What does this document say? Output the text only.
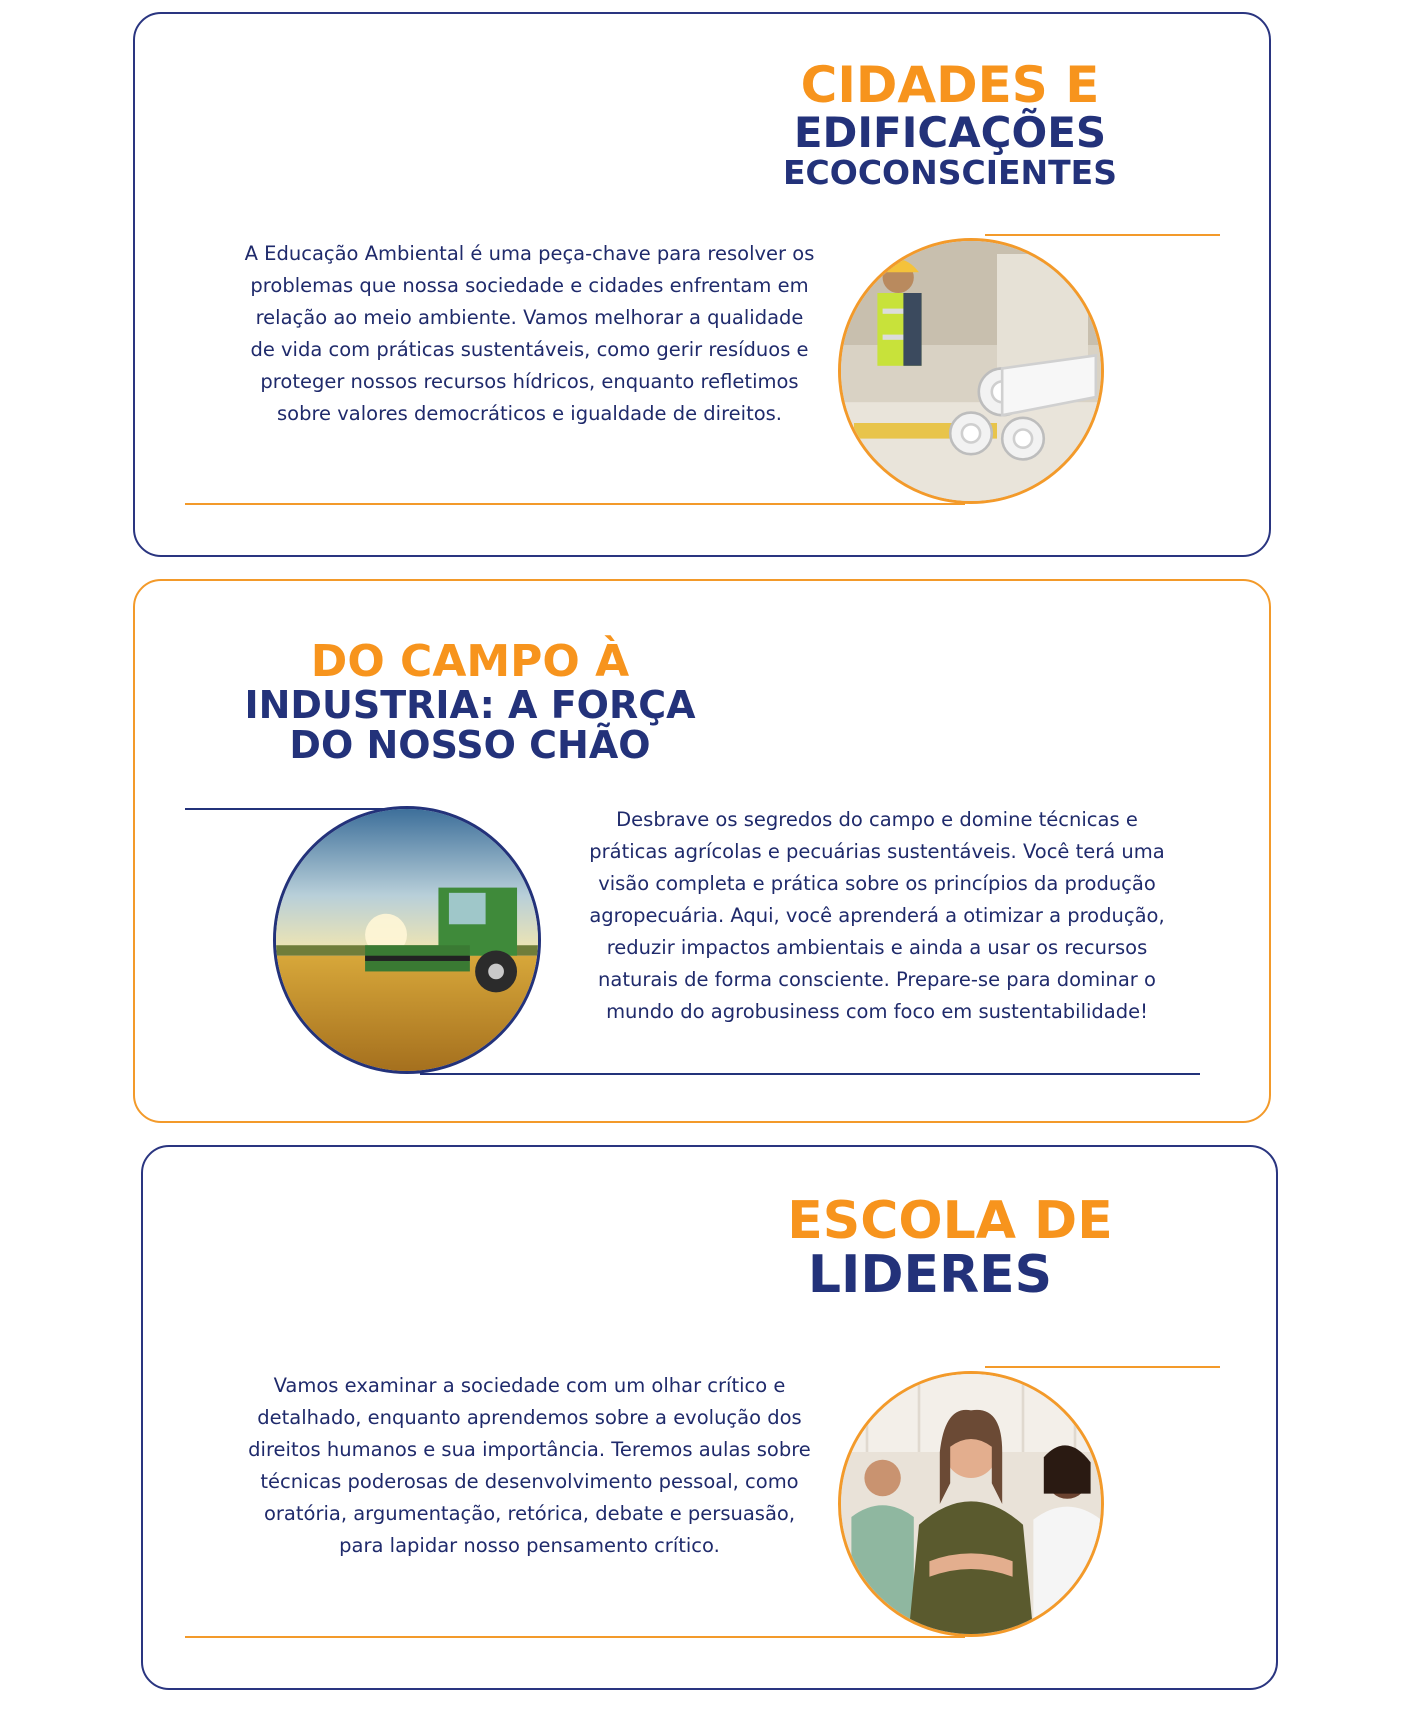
CIDADES E
EDIFICAÇÕES
ECOCONSCIENTES

A Educação Ambiental é uma peça-chave para resolver os problemas que nossa sociedade e cidades enfrentam em relação ao meio ambiente. Vamos melhorar a qualidade de vida com práticas sustentáveis, como gerir resíduos e proteger nossos recursos hídricos, enquanto refletimos sobre valores democráticos e igualdade de direitos.

DO CAMPO À
INDUSTRIA: A FORÇA
DO NOSSO CHÃO

Desbrave os segredos do campo e domine técnicas e práticas agrícolas e pecuárias sustentáveis. Você terá uma visão completa e prática sobre os princípios da produção agropecuária. Aqui, você aprenderá a otimizar a produção, reduzir impactos ambientais e ainda a usar os recursos naturais de forma consciente. Prepare-se para dominar o mundo do agrobusiness com foco em sustentabilidade!

ESCOLA DE
LIDERES

Vamos examinar a sociedade com um olhar crítico e detalhado, enquanto aprendemos sobre a evolução dos direitos humanos e sua importância. Teremos aulas sobre técnicas poderosas de desenvolvimento pessoal, como oratória, argumentação, retórica, debate e persuasão, para lapidar nosso pensamento crítico.
